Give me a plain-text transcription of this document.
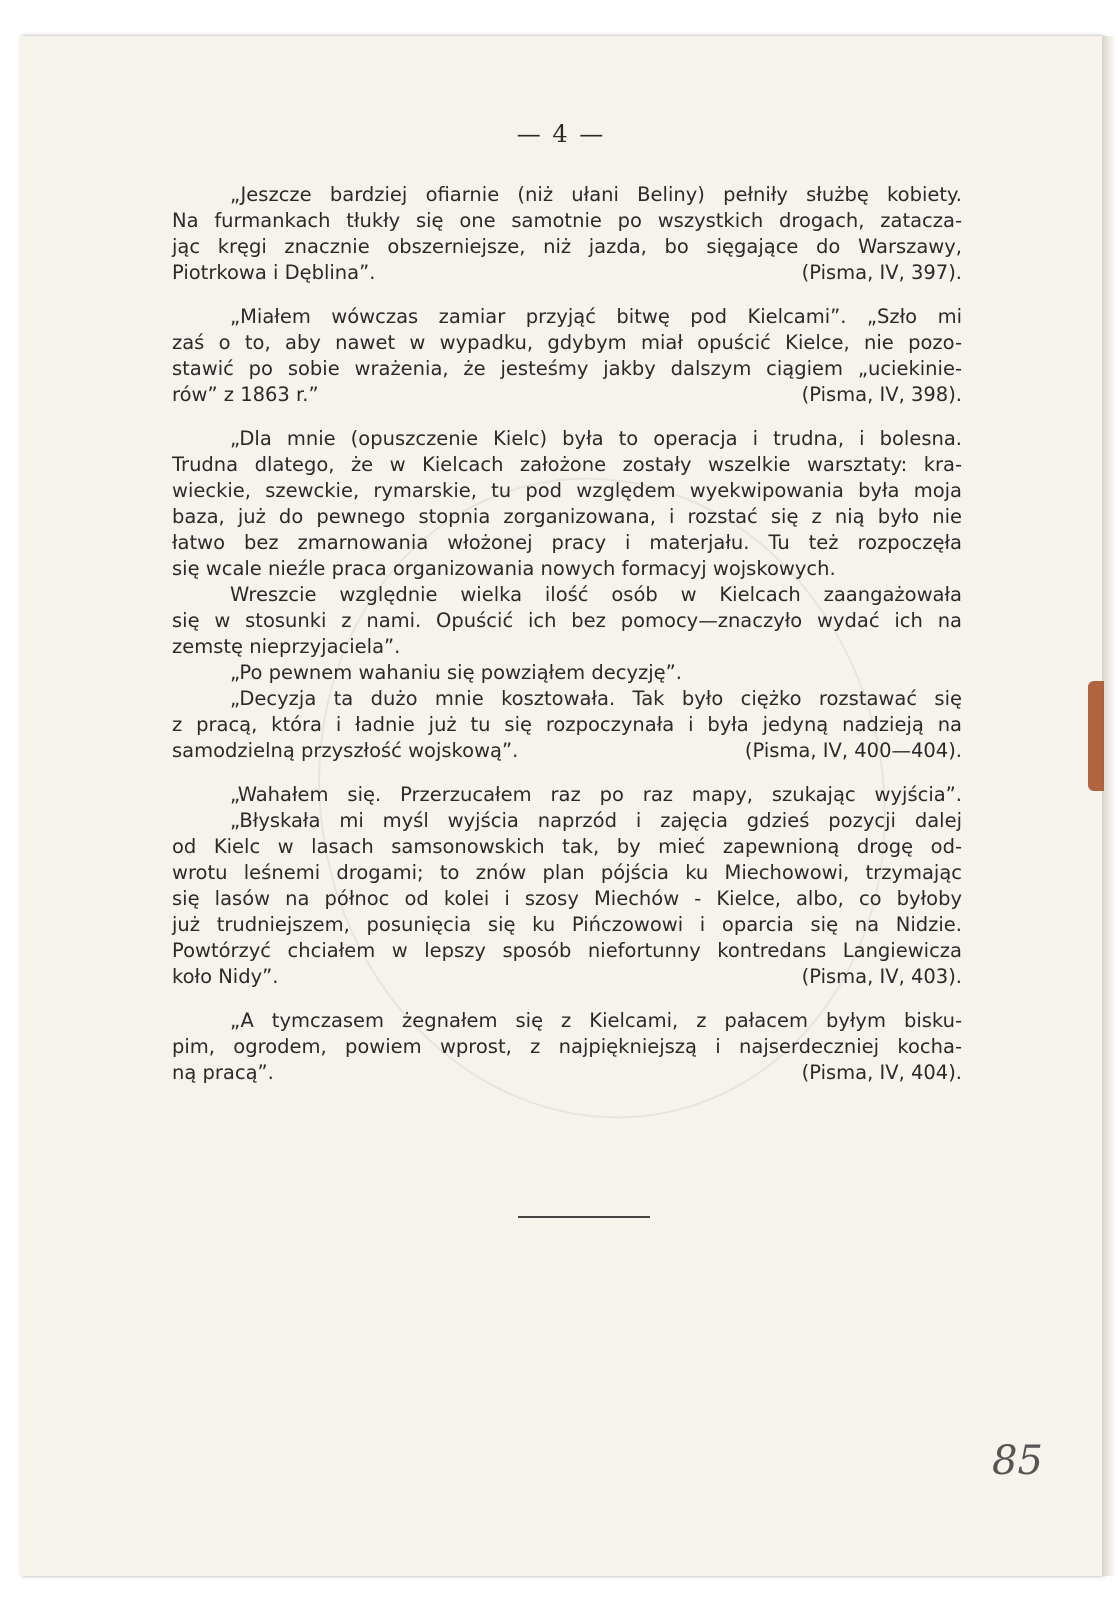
— 4 —
„Jeszcze bardziej ofiarnie (niż ułani Beliny) pełniły służbę kobiety.
Na furmankach tłukły się one samotnie po wszystkich drogach, zatacza-
jąc kręgi znacznie obszerniejsze, niż jazda, bo sięgające do Warszawy,
Piotrkowa i Dęblina”.	(Pisma, IV, 397).
„Miałem wówczas zamiar przyjąć bitwę pod Kielcami”. „Szło mi
zaś o to, aby nawet w wypadku, gdybym miał opuścić Kielce, nie pozo-
stawić po sobie wrażenia, że jesteśmy jakby dalszym ciągiem „uciekinie-
rów” z 1863 r.”	(Pisma, IV, 398).
„Dla mnie (opuszczenie Kielc) była to operacja i trudna, i bolesna.
Trudna dlatego, że w Kielcach założone zostały wszelkie warsztaty: kra-
wieckie, szewckie, rymarskie, tu pod względem wyekwipowania była moja
baza, już do pewnego stopnia zorganizowana, i rozstać się z nią było nie
łatwo bez zmarnowania włożonej pracy i materjału. Tu też rozpoczęła
się wcale nieźle praca organizowania nowych formacyj wojskowych.
Wreszcie względnie wielka ilość osób w Kielcach zaangażowała
się w stosunki z nami. Opuścić ich bez pomocy—znaczyło wydać ich na
zemstę nieprzyjaciela”.
„Po pewnem wahaniu się powziąłem decyzję”.
„Decyzja ta dużo mnie kosztowała. Tak było ciężko rozstawać się
z pracą, która i ładnie już tu się rozpoczynała i była jedyną nadzieją na
samodzielną przyszłość wojskową”.	(Pisma, IV, 400—404).
„Wahałem się. Przerzucałem raz po raz mapy, szukając wyjścia”.
„Błyskała mi myśl wyjścia naprzód i zajęcia gdzieś pozycji dalej
od Kielc w lasach samsonowskich tak, by mieć zapewnioną drogę od-
wrotu leśnemi drogami; to znów plan pójścia ku Miechowowi, trzymając
się lasów na północ od kolei i szosy Miechów - Kielce, albo, co byłoby
już trudniejszem, posunięcia się ku Pińczowowi i oparcia się na Nidzie.
Powtórzyć chciałem w lepszy sposób niefortunny kontredans Langiewicza
koło Nidy”.	(Pisma, IV, 403).
„A tymczasem żegnałem się z Kielcami, z pałacem byłym bisku-
pim, ogrodem, powiem wprost, z najpiękniejszą i najserdeczniej kocha-
ną pracą”.	(Pisma, IV, 404).
85
